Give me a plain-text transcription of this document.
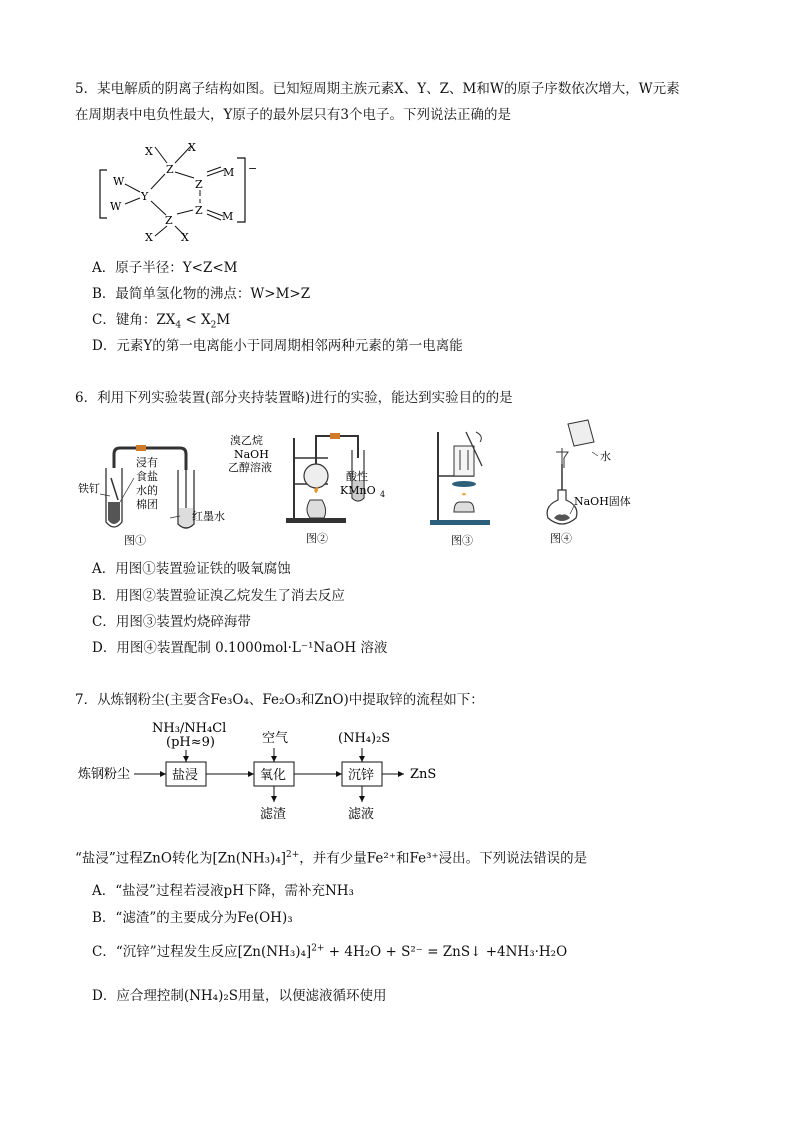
5．某电解质的阴离子结构如图。已知短周期主族元素X、Y、Z、M和W的原子序数依次增大，W元素
在周期表中电负性最大，Y原子的最外层只有3个电子。下列说法正确的是
X	X
Z
Z
M
W
Y
W
Z
Z M
X	X
−
A．原子半径：Y<Z<M
B．最简单氢化物的沸点：W>M>Z
C．键角：$ZX_4 < X_2M$
D．元素Y的第一电离能小于同周期相邻两种元素的第一电离能
6．利用下列实验装置(部分夹持装置略)进行的实验，能达到实验目的的是
铁钉
浸有
食盐
水的
棉团
红墨水
图①
溴乙烷
NaOH
乙醇溶液
酸性
KMnO 4
图②	图③
水
NaOH固体
图④
A．用图①装置验证铁的吸氧腐蚀
B．用图②装置验证溴乙烷发生了消去反应
C．用图③装置灼烧碎海带
D．用图④装置配制 0.1000mol·L⁻¹NaOH 溶液
7．从炼钢粉尘(主要含Fe₃O₄、Fe₂O₃和ZnO)中提取锌的流程如下：
炼钢粉尘
NH₃/NH₄Cl
(pH≈9)
盐浸
空气
氧化
滤渣
(NH₄)₂S
沉锌
滤液
ZnS
“盐浸”过程ZnO转化为$[Zn(NH_3)_4]^{2+}$，并有少量Fe²⁺和Fe³⁺浸出。下列说法错误的是
A．“盐浸”过程若浸液pH下降，需补充NH₃
B．“滤渣”的主要成分为Fe(OH)₃
C．“沉锌”过程发生反应$[Zn(NH_3)_4]^{2+} + 4H_2O + S^{2-}$ = ZnS↓ +4NH₃·H₂O
D．应合理控制(NH₄)₂S用量，以便滤液循环使用
